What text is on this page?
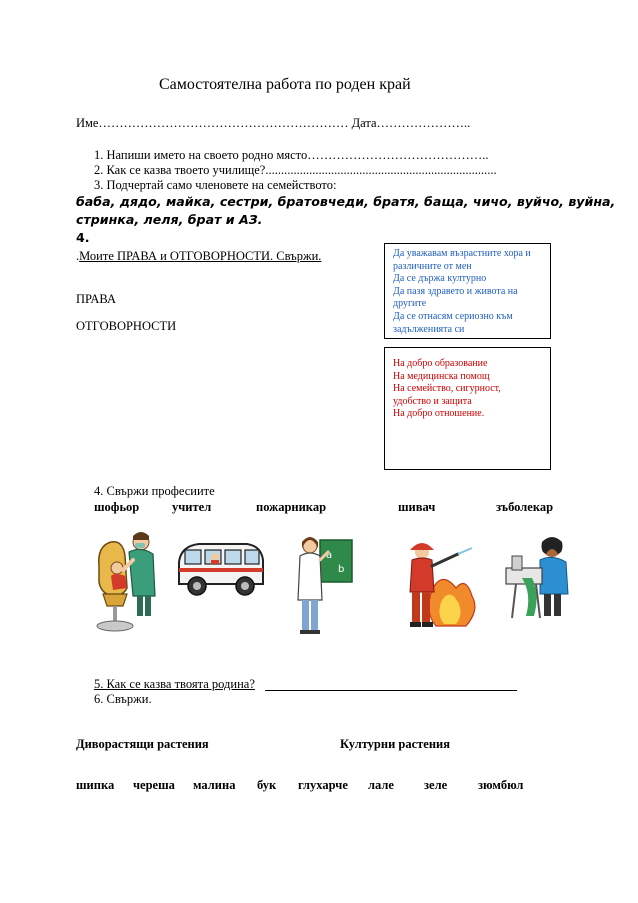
Самостоятелна работа по роден край
Име…………………………………………………… Дата…………………..
1. Напиши името на своето родно място……………………………………..
2. Как се казва твоето училище?..........................................................................
3. Подчертай само членовете на семейството:
баба, дядо, майка, сестри, братовчеди, братя, баща, чичо, вуйчо, вуйна,
стринка, леля, брат и АЗ.
4.
.Моите ПРАВА и ОТГОВОРНОСТИ. Свържи.
ПРАВА
ОТГОВОРНОСТИ
Да уважавам възрастните хора и
различните от мен
Да се държа културно
Да пазя здравето и живота на
другите
Да се отнасям сериозно към
задълженията си
На добро образование
На медицинска помощ
На семейство, сигурност,
удобство и защита
На добро отношение.
4. Свържи професиите
шофьор	учител	пожарникар	шивач	зъболекар
a
b
5. Как се казва твоята родина?
6. Свържи.
Диворастящи растения	Културни растения
шипка череша малина бук глухарче лале зеле зюмбюл
